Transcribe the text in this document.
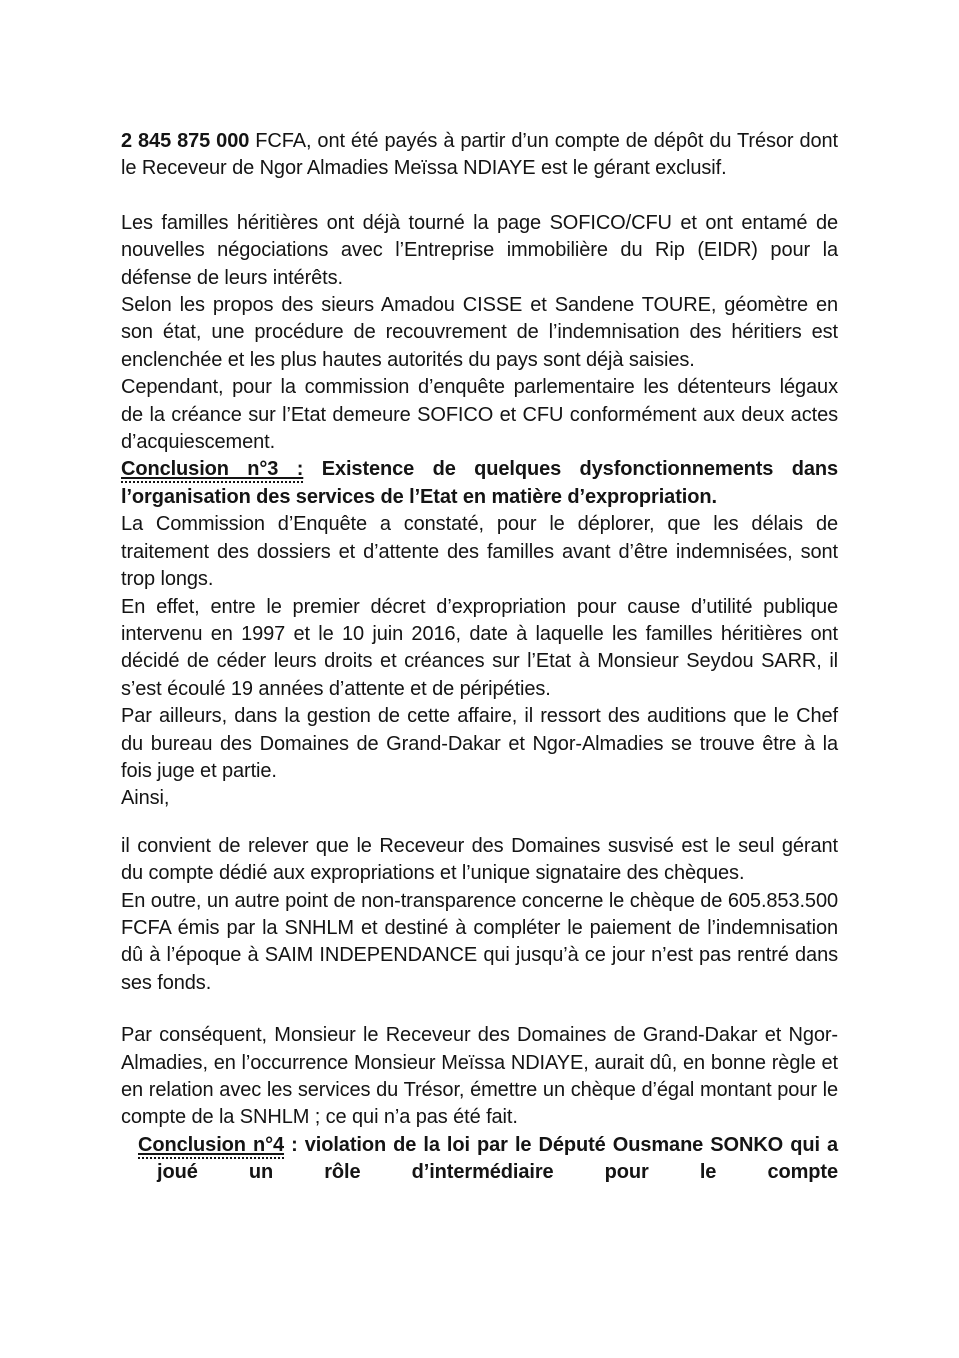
2 845 875 000 FCFA, ont été payés à partir d’un compte de dépôt du Trésor dont le Receveur de Ngor Almadies Meïssa NDIAYE est le gérant exclusif.

Les familles héritières ont déjà tourné la page SOFICO/CFU et ont entamé de nouvelles négociations avec l’Entreprise immobilière du Rip (EIDR) pour la défense de leurs intérêts.

Selon les propos des sieurs Amadou CISSE et Sandene TOURE, géomètre en son état, une procédure de recouvrement de l’indemnisation des héritiers est enclenchée et les plus hautes autorités du pays sont déjà saisies.

Cependant, pour la commission d’enquête parlementaire les détenteurs légaux de la créance sur l’Etat demeure SOFICO et CFU conformément aux deux actes d’acquiescement.

Conclusion n°3 : Existence de quelques dysfonctionnements dans l’organisation des services de l’Etat en matière d’expropriation.

La Commission d’Enquête a constaté, pour le déplorer, que les délais de traitement des dossiers et d’attente des familles avant d’être indemnisées, sont trop longs.

En effet, entre le premier décret d’expropriation pour cause d’utilité publique intervenu en 1997 et le 10 juin 2016, date à laquelle les familles héritières ont décidé de céder leurs droits et créances sur l’Etat à Monsieur Seydou SARR, il s’est écoulé 19 années d’attente et de péripéties.

Par ailleurs, dans la gestion de cette affaire, il ressort des auditions que le Chef du bureau des Domaines de Grand-Dakar et Ngor-Almadies se trouve être à la fois juge et partie.

Ainsi,

il convient de relever que le Receveur des Domaines susvisé est le seul gérant du compte dédié aux expropriations et l’unique signataire des chèques.

En outre, un autre point de non-transparence concerne le chèque de 605.853.500 FCFA émis par la SNHLM et destiné à compléter le paiement de l’indemnisation dû à l’époque à SAIM INDEPENDANCE qui jusqu’à ce jour n’est pas rentré dans ses fonds.

Par conséquent, Monsieur le Receveur des Domaines de Grand-Dakar et Ngor-Almadies, en l’occurrence Monsieur Meïssa NDIAYE, aurait dû, en bonne règle et en relation avec les services du Trésor, émettre un chèque d’égal montant pour le compte de la SNHLM ; ce qui n’a pas été fait.

Conclusion n°4 : violation de la loi par le Député Ousmane SONKO qui a joué un rôle d’intermédiaire pour le compte
